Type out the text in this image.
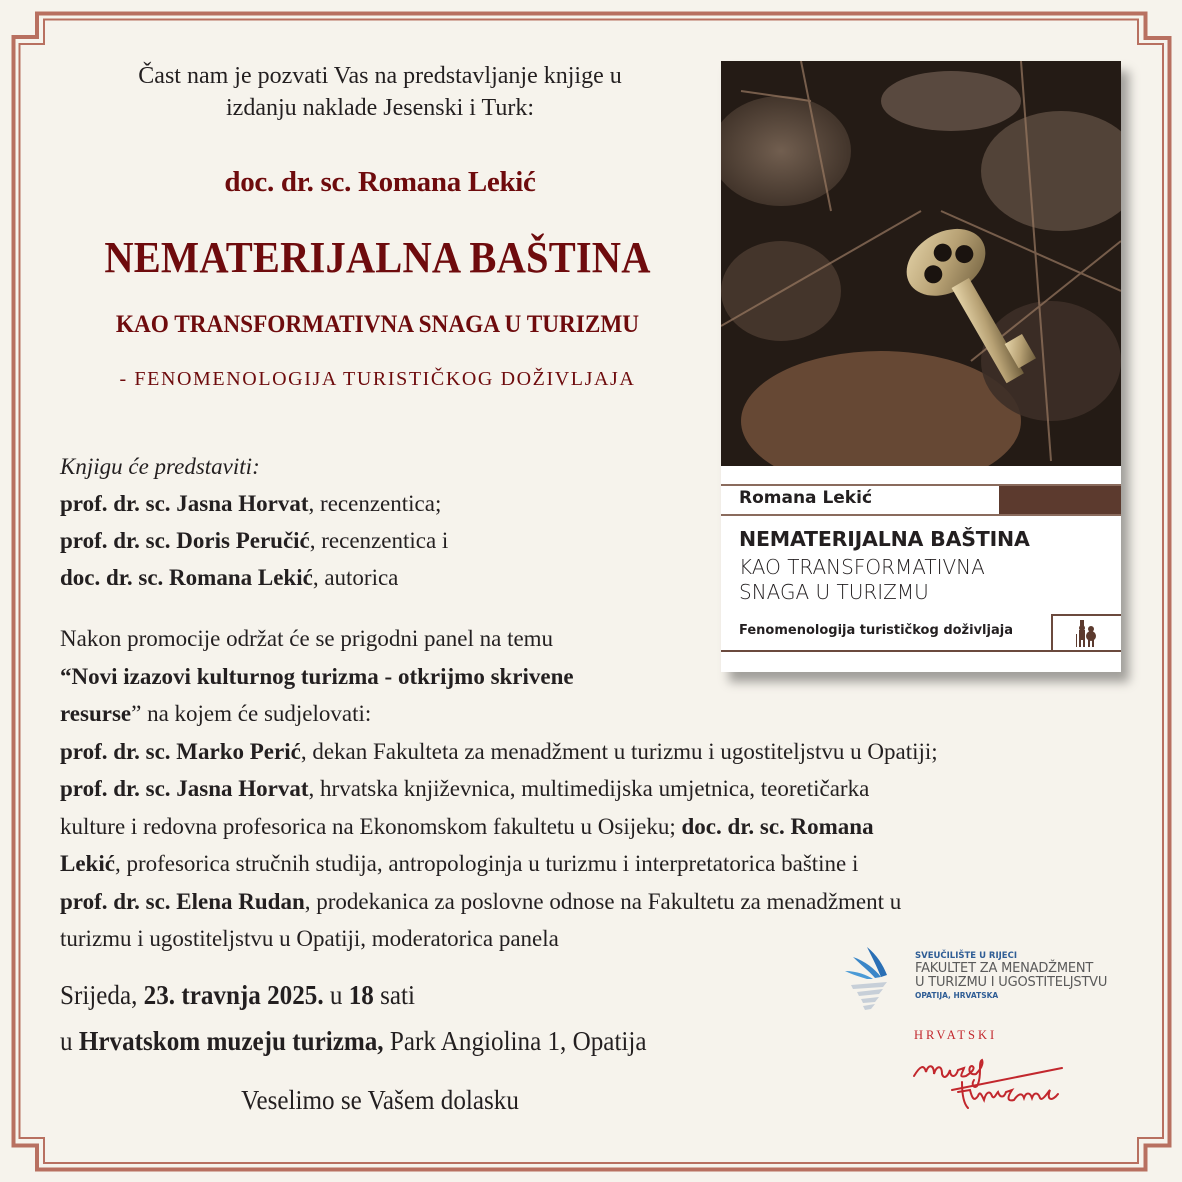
Čast nam je pozvati Vas na predstavljanje knjige u
izdanju naklade Jesenski i Turk:
doc. dr. sc. Romana Lekić
NEMATERIJALNA BAŠTINA
KAO TRANSFORMATIVNA SNAGA U TURIZMU
- FENOMENOLOGIJA TURISTIČKOG DOŽIVLJAJA
Knjigu će predstaviti:
prof. dr. sc. Jasna Horvat, recenzentica;
prof. dr. sc. Doris Peručić, recenzentica i
doc. dr. sc. Romana Lekić, autorica
Nakon promocije održat će se prigodni panel na temu
“Novi izazovi kulturnog turizma - otkrijmo skrivene
resurse” na kojem će sudjelovati:
prof. dr. sc. Marko Perić, dekan Fakulteta za menadžment u turizmu i ugostiteljstvu u Opatiji;
prof. dr. sc. Jasna Horvat, hrvatska književnica, multimedijska umjetnica, teoretičarka
kulture i redovna profesorica na Ekonomskom fakultetu u Osijeku; doc. dr. sc. Romana
Lekić, profesorica stručnih studija, antropologinja u turizmu i interpretatorica baštine i
prof. dr. sc. Elena Rudan, prodekanica za poslovne odnose na Fakultetu za menadžment u
turizmu i ugostiteljstvu u Opatiji, moderatorica panela
Srijeda, 23. travnja 2025. u 18 sati
u Hrvatskom muzeju turizma, Park Angiolina 1, Opatija
Veselimo se Vašem dolasku
Romana Lekić
NEMATERIJALNA BAŠTINA
KAO TRANSFORMATIVNA
SNAGA U TURIZMU
Fenomenologija turističkog doživljaja
SVEUČILIŠTE U RIJECI
FAKULTET ZA MENADŽMENT
U TURIZMU I UGOSTITELJSTVU
OPATIJA, HRVATSKA
HRVATSKI
